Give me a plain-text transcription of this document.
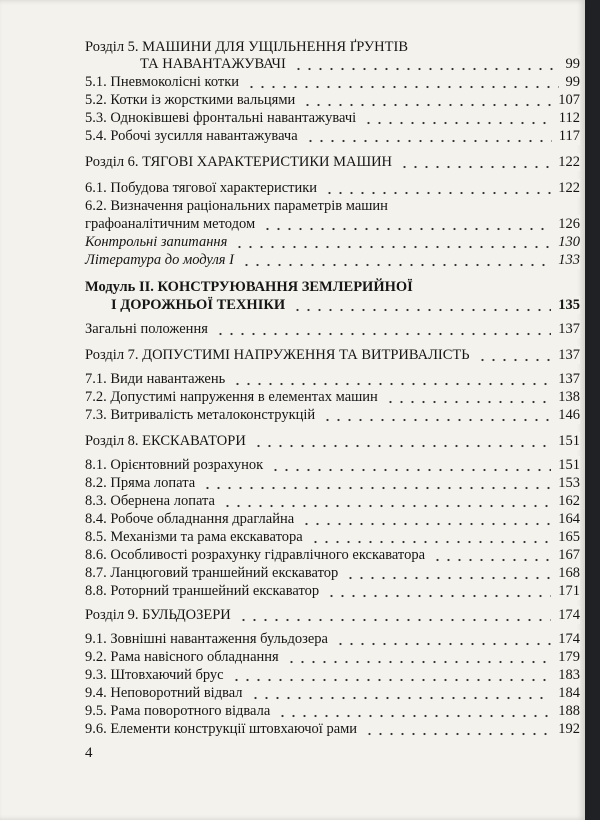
Розділ 5. МАШИНИ ДЛЯ УЩІЛЬНЕННЯ ҐРУНТІВ
ТА НАВАНТАЖУВАЧІ	99
5.1. Пневмоколісні котки	99
5.2. Котки із жорсткими вальцями	107
5.3. Одноківшеві фронтальні навантажувачі	112
5.4. Робочі зусилля навантажувача	117
Розділ 6. ТЯГОВІ ХАРАКТЕРИСТИКИ МАШИН	122
6.1. Побудова тягової характеристики	122
6.2. Визначення раціональних параметрів машин
графоаналітичним методом	126
Контрольні запитання	130
Література до модуля І	133
Модуль ІІ. КОНСТРУЮВАННЯ ЗЕМЛЕРИЙНОЇ
І ДОРОЖНЬОЇ ТЕХНІКИ	135
Загальні положення	137
Розділ 7. ДОПУСТИМІ НАПРУЖЕННЯ ТА ВИТРИВАЛІСТЬ	137
7.1. Види навантажень	137
7.2. Допустимі напруження в елементах машин	138
7.3. Витривалість металоконструкцій	146
Розділ 8. ЕКСКАВАТОРИ	151
8.1. Орієнтовний розрахунок	151
8.2. Пряма лопата	153
8.3. Обернена лопата	162
8.4. Робоче обладнання драглайна	164
8.5. Механізми та рама екскаватора	165
8.6. Особливості розрахунку гідравлічного екскаватора	167
8.7. Ланцюговий траншейний екскаватор	168
8.8. Роторний траншейний екскаватор	171
Розділ 9. БУЛЬДОЗЕРИ	174
9.1. Зовнішні навантаження бульдозера	174
9.2. Рама навісного обладнання	179
9.3. Штовхаючий брус	183
9.4. Неповоротний відвал	184
9.5. Рама поворотного відвала	188
9.6. Елементи конструкції штовхаючої рами	192
4
